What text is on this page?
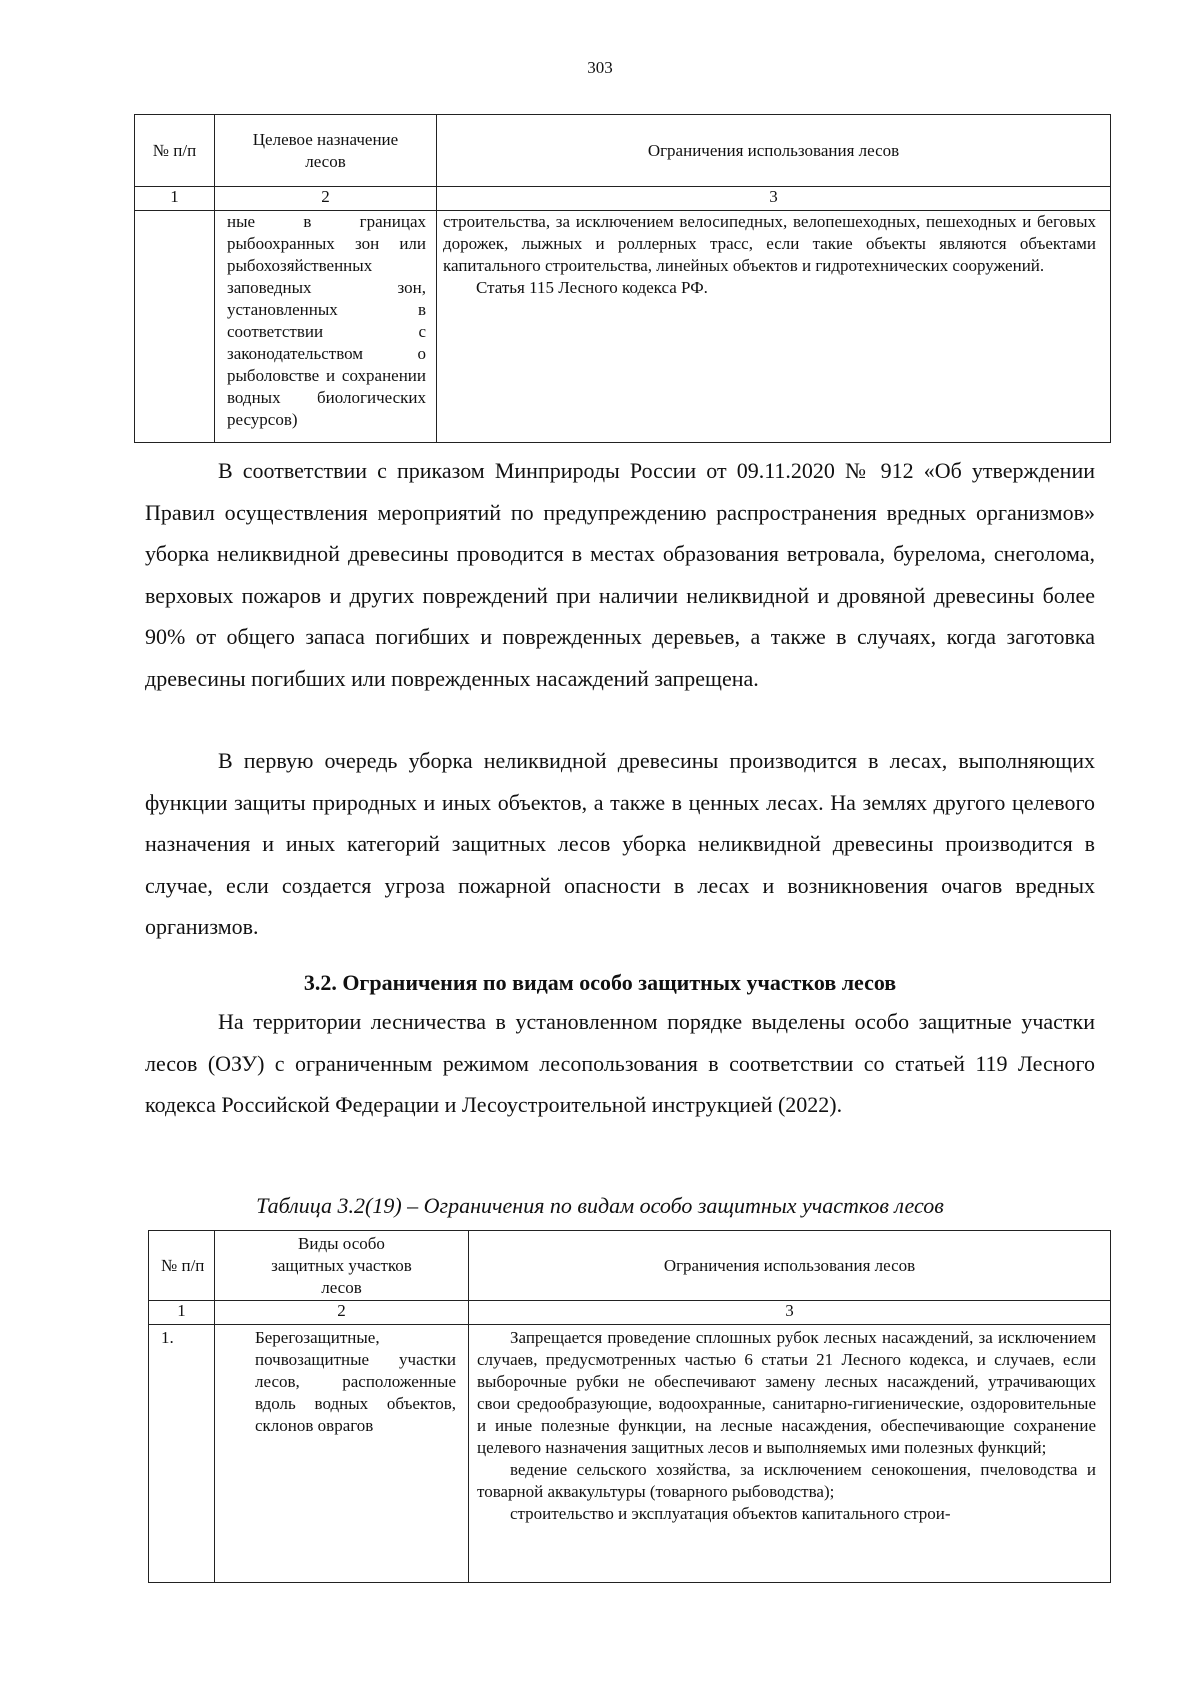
303
№ п/п	Целевое назначение лесов	Ограничения использования лесов
1	2	3
	ные в границах рыбоохранных зон или рыбохозяйственных заповедных зон, установленных в соответствии с законодательством о рыболовстве и сохранении водных биологических ресурсов)	строительства, за исключением велосипедных, велопешеходных, пешеходных и беговых дорожек, лыжных и роллерных трасс, если такие объекты являются объектами капитального строительства, линейных объектов и гидротехнических сооружений.
Статья 115 Лесного кодекса РФ.

В соответствии с приказом Минприроды России от 09.11.2020 № 912 «Об утверждении Правил осуществления мероприятий по предупреждению распространения вредных организмов» уборка неликвидной древесины проводится в местах образования ветровала, бурелома, снеголома, верховых пожаров и других повреждений при наличии неликвидной и дровяной древесины более 90% от общего запаса погибших и поврежденных деревьев, а также в случаях, когда заготовка древесины погибших или поврежденных насаждений запрещена.

В первую очередь уборка неликвидной древесины производится в лесах, выполняющих функции защиты природных и иных объектов, а также в ценных лесах. На землях другого целевого назначения и иных категорий защитных лесов уборка неликвидной древесины производится в случае, если создается угроза пожарной опасности в лесах и возникновения очагов вредных организмов.

3.2. Ограничения по видам особо защитных участков лесов

На территории лесничества в установленном порядке выделены особо защитные участки лесов (ОЗУ) с ограниченным режимом лесопользования в соответствии со статьей 119 Лесного кодекса Российской Федерации и Лесоустроительной инструкцией (2022).

Таблица 3.2(19) – Ограничения по видам особо защитных участков лесов
№ п/п	Виды особо защитных участков лесов	Ограничения использования лесов
1	2	3
1.	Берегозащитные, почвозащитные участки лесов, расположенные вдоль водных объектов, склонов оврагов	Запрещается проведение сплошных рубок лесных насаждений, за исключением случаев, предусмотренных частью 6 статьи 21 Лесного кодекса, и случаев, если выборочные рубки не обеспечивают замену лесных насаждений, утрачивающих свои средообразующие, водоохранные, санитарно-гигиенические, оздоровительные и иные полезные функции, на лесные насаждения, обеспечивающие сохранение целевого назначения защитных лесов и выполняемых ими полезных функций;
ведение сельского хозяйства, за исключением сенокошения, пчеловодства и товарной аквакультуры (товарного рыбоводства);
строительство и эксплуатация объектов капитального строи-
